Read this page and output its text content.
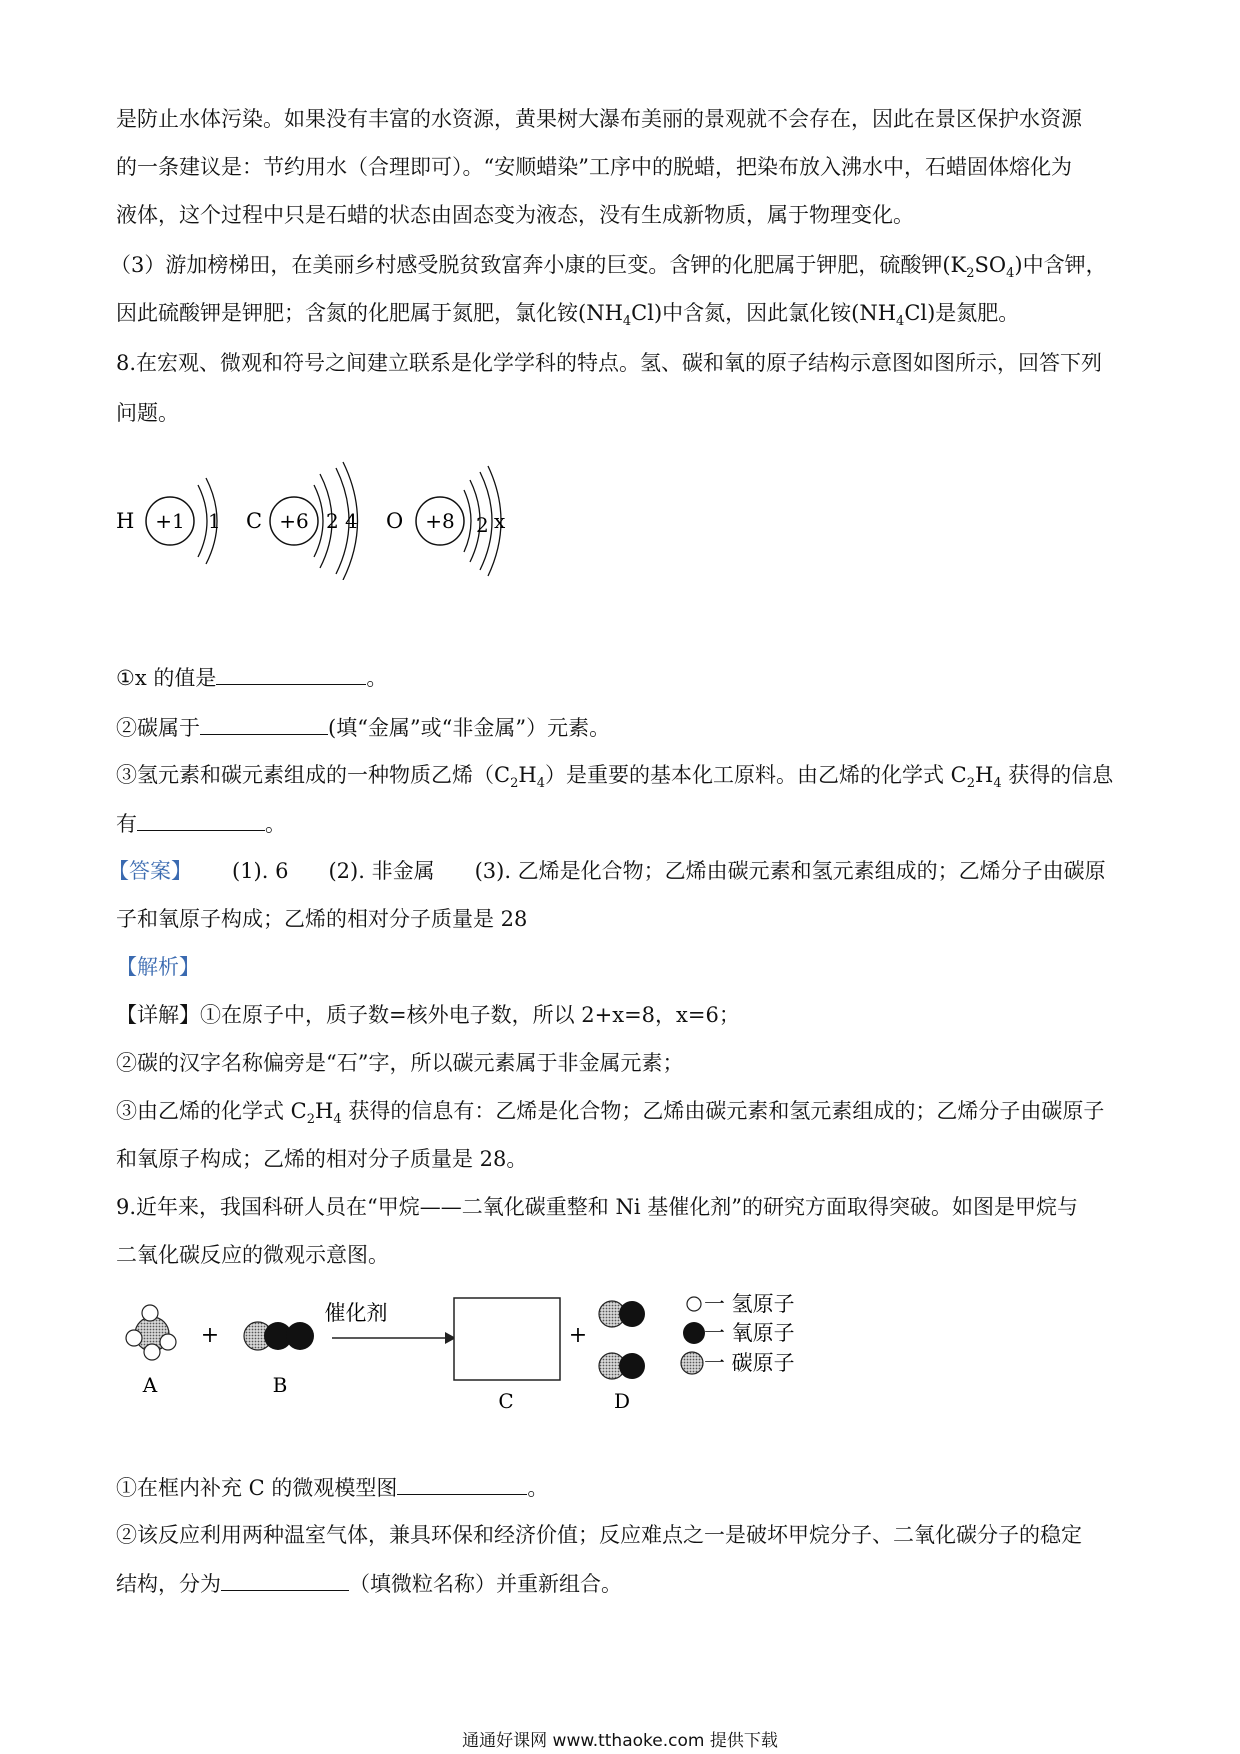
是防止水体污染。如果没有丰富的水资源，黄果树大瀑布美丽的景观就不会存在，因此在景区保护水资源
的一条建议是：节约用水（合理即可）。“安顺蜡染”工序中的脱蜡，把染布放入沸水中，石蜡固体熔化为
液体，这个过程中只是石蜡的状态由固态变为液态，没有生成新物质，属于物理变化。
（3）游加榜梯田，在美丽乡村感受脱贫致富奔小康的巨变。含钾的化肥属于钾肥，硫酸钾$(K_2SO_4)$中含钾，
因此硫酸钾是钾肥；含氮的化肥属于氮肥，氯化铵$(NH_4Cl)$中含氮，因此氯化铵$(NH_4Cl)$是氮肥。
8.在宏观、微观和符号之间建立联系是化学学科的特点。氢、碳和氧的原子结构示意图如图所示，回答下列
问题。
H +1 1 C +6 2 4 O +8 2 x
①x 的值是	。
②碳属于	(填“金属”或“非金属”）元素。
③氢元素和碳元素组成的一种物质乙烯$(C_2H_4)$是重要的基本化工原料。由乙烯的化学式 $C_2H_4$ 获得的信息
有	。
【答案】 (1). 6 (2). 非金属 (3). 乙烯是化合物；乙烯由碳元素和氢元素组成的；乙烯分子由碳原
子和氧原子构成；乙烯的相对分子质量是 28
【解析】
【详解】①在原子中，质子数=核外电子数，所以 2+x=8，x=6；
②碳的汉字名称偏旁是“石”字，所以碳元素属于非金属元素；
③由乙烯的化学式 $C_2H_4$ 获得的信息有：乙烯是化合物；乙烯由碳元素和氢元素组成的；乙烯分子由碳原子
和氧原子构成；乙烯的相对分子质量是 28。
9.近年来，我国科研人员在“甲烷——二氧化碳重整和 Ni 基催化剂”的研究方面取得突破。如图是甲烷与
二氧化碳反应的微观示意图。
A
+
B
催化剂
C
+
D
一 氢原子
一 氧原子
一 碳原子
①在框内补充 C 的微观模型图	。
②该反应利用两种温室气体，兼具环保和经济价值；反应难点之一是破坏甲烷分子、二氧化碳分子的稳定
结构，分为	（填微粒名称）并重新组合。
通通好课网 www.tthaoke.com 提供下载
